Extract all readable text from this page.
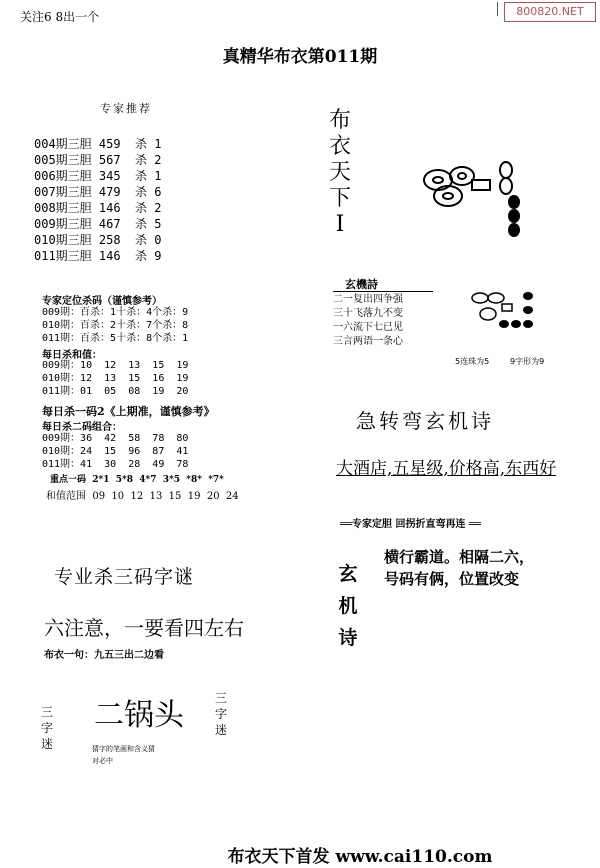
关注6 8出一个	800820.NET
真精华布衣第011期
专家推荐
004期三胆 459  杀 1
005期三胆 567  杀 2
006期三胆 345  杀 1
007期三胆 479  杀 6
008期三胆 146  杀 2
009期三胆 467  杀 5
010期三胆 258  杀 0
011期三胆 146  杀 9
专家定位杀码（谨慎参考）
009期：百杀：1十杀：4个杀：9
010期：百杀：2十杀：7个杀：8
011期：百杀：5十杀：8个杀：1
每日杀和值：
009期：10  12  13  15  19
010期：12  13  15  16  19
011期：01  05  08  19  20
每日杀一码2《上期准，谨慎参考》
每日杀二码组合：
009期：36  42  58  78  80
010期：24  15  96  87  41
011期：41  30  28  49  78
重点一码  2*1  5*8  4*7  3*5  *8*  *7*
和值范围  09  10  12  13  15  19  20  24
布
衣
天
下
I
玄機詩
二一复出四争强
三十飞落九不变
一六流下七已见
三言两语一条心
5连珠为5	9字形为9
急转弯玄机诗
大酒店,五星级,价格高,东西好
══专家定胆 回拐折直弯再连 ══
玄
机
诗
横行霸道。相隔二六，
号码有俩，位置改变
专业杀三码字谜
六注意，一要看四左右
布衣一句：九五三出二边看
三
字
迷
二锅头
猜字的笔画和含义猜
对必中
三
字
迷
布衣天下首发 www.cai110.com
